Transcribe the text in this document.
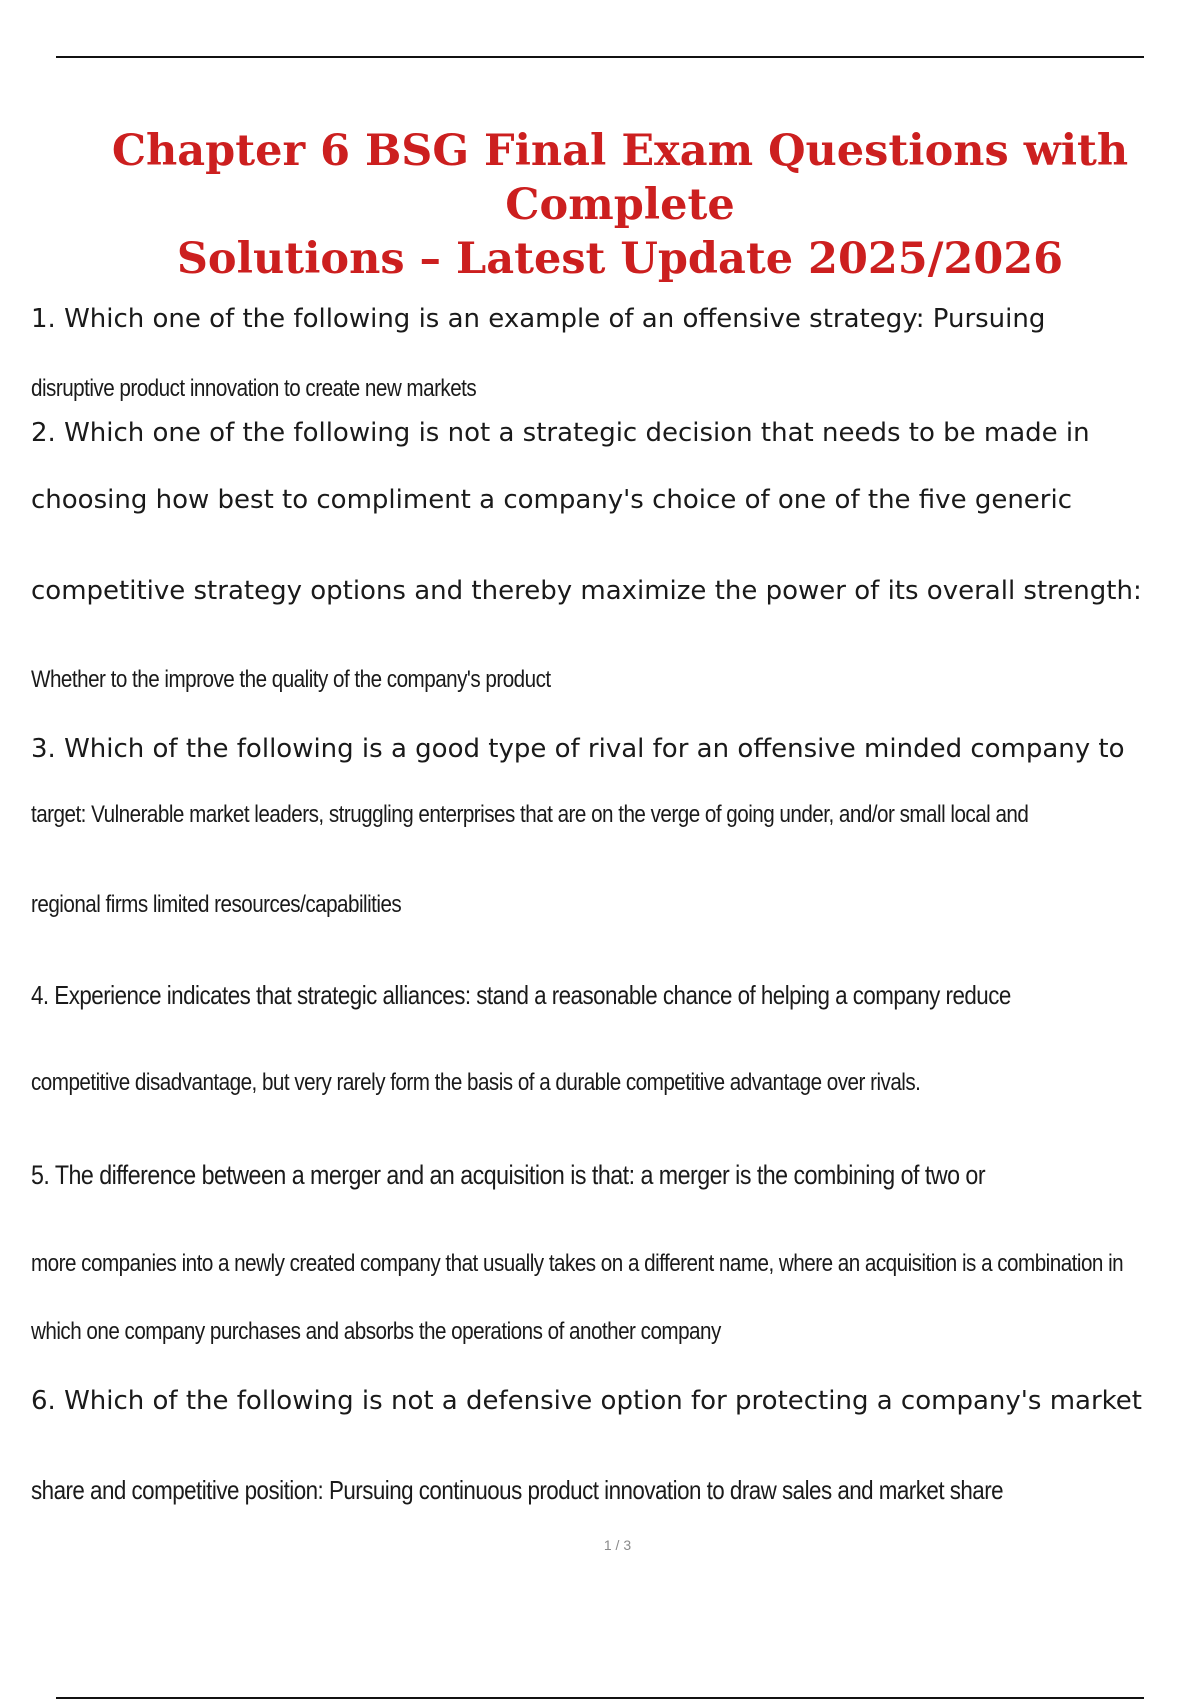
Chapter 6 BSG Final Exam Questions with Complete
Solutions – Latest Update 2025/2026

1. Which one of the following is an example of an offensive strategy: Pursuing

disruptive product innovation to create new markets

2. Which one of the following is not a strategic decision that needs to be made in

choosing how best to compliment a company's choice of one of the five generic

competitive strategy options and thereby maximize the power of its overall strength:

Whether to the improve the quality of the company's product

3. Which of the following is a good type of rival for an offensive minded company to

target: Vulnerable market leaders, struggling enterprises that are on the verge of going under, and/or small local and

regional firms limited resources/capabilities

4. Experience indicates that strategic alliances: stand a reasonable chance of helping a company reduce

competitive disadvantage, but very rarely form the basis of a durable competitive advantage over rivals.

5. The difference between a merger and an acquisition is that: a merger is the combining of two or

more companies into a newly created company that usually takes on a different name, where an acquisition is a combination in

which one company purchases and absorbs the operations of another company

6. Which of the following is not a defensive option for protecting a company's market

share and competitive position: Pursuing continuous product innovation to draw sales and market share

1 / 3
